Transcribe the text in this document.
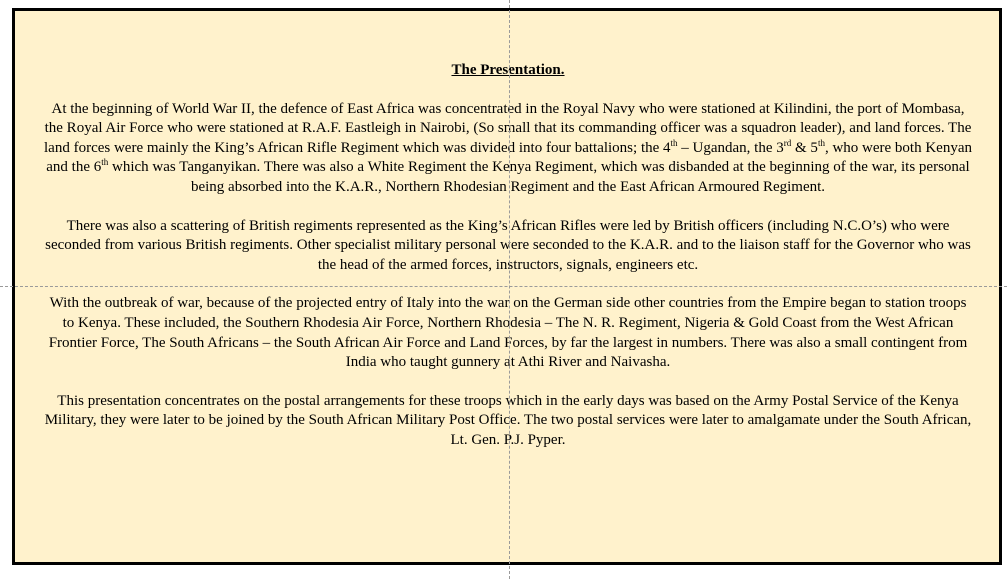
The Presentation.

At the beginning of World War II, the defence of East Africa was concentrated in the Royal Navy who were stationed at Kilindini, the port of Mombasa, the Royal Air Force who were stationed at R.A.F. Eastleigh in Nairobi, (So small that its commanding officer was a squadron leader), and land forces. The land forces were mainly the King’s African Rifle Regiment which was divided into four battalions; the 4th – Ugandan, the 3rd & 5th, who were both Kenyan and the 6th which was Tanganyikan. There was also a White Regiment the Kenya Regiment, which was disbanded at the beginning of the war, its personal being absorbed into the K.A.R., Northern Rhodesian Regiment and the East African Armoured Regiment.

There was also a scattering of British regiments represented as the King’s African Rifles were led by British officers (including N.C.O’s) who were seconded from various British regiments. Other specialist military personal were seconded to the K.A.R. and to the liaison staff for the Governor who was the head of the armed forces, instructors, signals, engineers etc.

With the outbreak of war, because of the projected entry of Italy into the war on the German side other countries from the Empire began to station troops to Kenya. These included, the Southern Rhodesia Air Force, Northern Rhodesia – The N. R. Regiment, Nigeria & Gold Coast from the West African Frontier Force, The South Africans – the South African Air Force and Land Forces, by far the largest in numbers. There was also a small contingent from India who taught gunnery at Athi River and Naivasha.

This presentation concentrates on the postal arrangements for these troops which in the early days was based on the Army Postal Service of the Kenya Military, they were later to be joined by the South African Military Post Office. The two postal services were later to amalgamate under the South African, Lt. Gen. P.J. Pyper.
